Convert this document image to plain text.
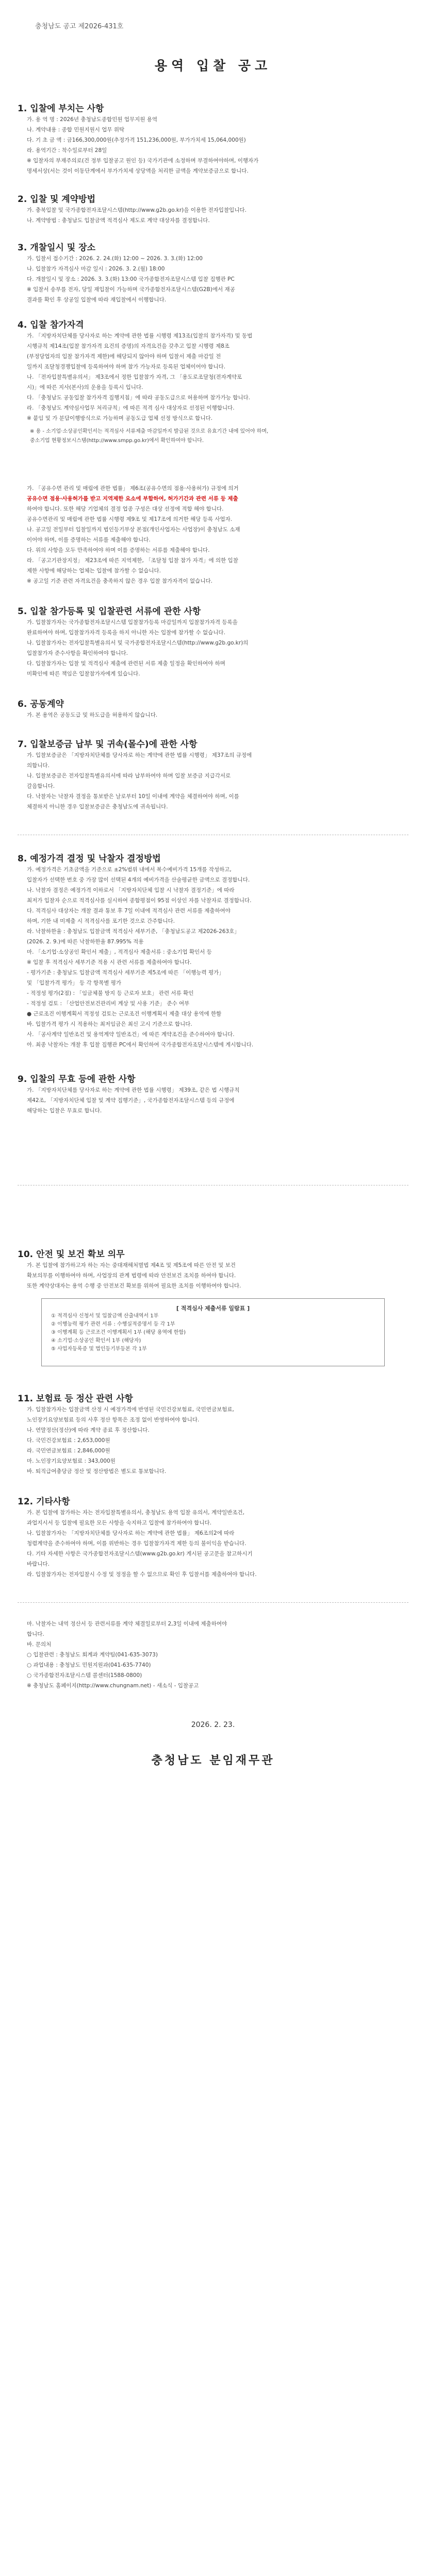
충청남도 공고 제2026-431호
용역 입찰 공고
1. 입찰에 부치는 사항
가. 용 역 명 : 2026년 충청남도종합민원 업무지원 용역
나. 계약내용 : 종합 민원지원시 업무 위탁
다. 기 초 금 액 : 금166,300,000원(추정가격 151,236,000원, 부가가치세 15,064,000원)
라. 용역기간 : 착수일로부터 28일
※ 입찰자의 부재주의로(건 정부 입찰공고 원인 등) 국가기관에 소정하며 부결하여야하며, 이행자가
명세서상(서는 것이 이동단계에서 부가가치세 상당액을 처리한 금액을 계약보증금으로 합니다.
2. 입찰 및 계약방법
가. 충북입찰 및 국가종합전자조달시스템(http://www.g2b.go.kr)을 이용한 전자입찰입니다.
나. 계약방법 : 충청남도 입찰금액 적격심사 제도로 계약 대상자를 결정합니다.
3. 개찰일시 및 장소
가. 입찰서 접수기간 : 2026. 2. 24.(화) 12:00 ~ 2026. 3. 3.(화) 12:00
나. 입찰참가 자격심사 마감 일시 : 2026. 3. 2.(월) 18:00
다. 개찰일시 및 장소 : 2026. 3. 3.(화) 13:00 국가종합전자조달시스템 입찰 집행관 PC
※ 입찰서 송부를 전자, 당일 재입찰이 가능하며 국가종합전자조달시스템(G2B)에서 재공
결과를 확인 후 상공일 입찰에 따라 재입찰에서 이행합니다.
4. 입찰 참가자격
가. 「지방자치단체를 당사자로 하는 계약에 관한 법률 시행령 제13조(입찰의 참가자격) 및 동법
시행규칙 제14조(입찰 참가자격 요건의 증명)의 자격요건을 갖추고 입찰 시행령 제8조
(부정당업자의 입찰 참가자격 제한)에 해당되지 않아야 하며 입찰서 제출 마감일 전
일까지 조달청경쟁입찰에 등록하여야 하며 참가 가능자로 등록된 업체이어야 합니다.
나. 「전자입찰특별유의서」 제3조에서 정한 입찰참가 자격, 그 「용도로조달청(전자계약포
시)」에 따른 지사(본사)의 운용을 등록시 입니다.
다. 「충청남도 공동입찰 참가자격 집행지침」에 따라 공동도급으로 허용하며 참가가능 합니다.
라. 「충청남도 계약심사업무 처리규칙」에 따른 적격 심사 대상자로 선정된 이행합니다.
※ 붙임 및 가 분담이행방식으로 가능하며 공동도급 업체 선정 방식으로 합니다.
※ 용 - 소기업·소상공인확인서는 적격심사 서류제출 마감일까지 발급된 것으로 유효기간 내에 있어야 하며,
중소기업 현황정보시스템(http://www.smpp.go.kr)에서 확인하여야 합니다.
가. 「공유수면 관리 및 매립에 관한 법률」 제6조(공유수면의 점용·사용허가) 규정에 의거
공유수면 점용·사용허가를 받고 지역제한 요소에 부합하여, 허가기간과 관련 서류 등 제출
하여야 합니다. 또한 해당 기업체의 결정 업종 구성은 대상 선정에 적합 해야 합니다.
공유수면관리 및 매립에 관한 법률 시행령 제9조 및 제17조에 의거한 해당 등록 사업자.
나. 공고일 전일부터 입찰일까지 법인등기부상 본점(개인사업자는 사업장)이 충청남도 소재
이어야 하며, 이를 증명하는 서류를 제출해야 합니다.
다. 위의 사항을 모두 만족하여야 하며 이를 증명하는 서류를 제출해야 합니다.
라. 「공고기관장지정」 제23조에 따른 지역제한, 「조달청 입찰 참가 자격」에 의한 입찰
제한 사항에 해당하는 업체는 입찰에 참가할 수 없습니다.
※ 공고일 기준 관련 자격요건을 충족하지 않은 경우 입찰 참가자격이 없습니다.
5. 입찰 참가등록 및 입찰관련 서류에 관한 사항
가. 입찰참가자는 국가종합전자조달시스템 입찰참가등록 마감일까지 입찰참가자격 등록을
완료하여야 하며, 입찰참가자격 등록을 하지 아니한 자는 입찰에 참가할 수 없습니다.
나. 입찰참가자는 전자입찰특별유의서 및 국가종합전자조달시스템(http://www.g2b.go.kr)의
입찰참가자 준수사항을 확인하여야 합니다.
다. 입찰참가자는 입찰 및 적격심사 제출에 관련된 서류 제출 일정을 확인하여야 하며
미확인에 따른 책임은 입찰참가자에게 있습니다.
6. 공동계약
가. 본 용역은 공동도급 및 하도급을 허용하지 않습니다.
7. 입찰보증금 납부 및 귀속(몰수)에 관한 사항
가. 입찰보증금은 「지방자치단체를 당사자로 하는 계약에 관한 법률 시행령」 제37조의 규정에
의합니다.
나. 입찰보증금은 전자입찰특별유의서에 따라 납부하여야 하며 입찰 보증금 지급각서로
갈음합니다.
다. 낙찰자는 낙찰자 결정을 통보받은 날로부터 10일 이내에 계약을 체결하여야 하며, 이를
체결하지 아니한 경우 입찰보증금은 충청남도에 귀속됩니다.
8. 예정가격 결정 및 낙찰자 결정방법
가. 예정가격은 기초금액을 기준으로 ±2%범위 내에서 복수예비가격 15개를 작성하고,
입찰자가 선택한 번호 중 가장 많이 선택된 4개의 예비가격을 산술평균한 금액으로 결정합니다.
나. 낙찰자 결정은 예정가격 이하로서 「지방자치단체 입찰 시 낙찰자 결정기준」에 따라
최저가 입찰자 순으로 적격심사를 실시하여 종합평점이 95점 이상인 자를 낙찰자로 결정합니다.
다. 적격심사 대상자는 개찰 결과 통보 후 7일 이내에 적격심사 관련 서류를 제출하여야
하며, 기한 내 미제출 시 적격심사를 포기한 것으로 간주합니다.
라. 낙찰하한율 : 충청남도 입찰금액 적격심사 세부기준, 「충청남도공고 제2026-263호」
(2026. 2. 9.)에 따른 낙찰하한율 87.995% 적용
마. 「소기업·소상공인 확인서 제출」, 적격심사 제출서류 : 중소기업 확인서 등
※ 입찰 후 적격심사 세부기준 적용 시 관련 서류를 제출하여야 합니다.
- 평가기준 : 충청남도 입찰금액 적격심사 세부기준 제5조에 따른 「이행능력 평가」
및 「입찰가격 평가」 등 각 항목별 평가
- 적정성 평가(2점) : 「임금체불 방지 등 근로자 보호」 관련 서류 확인
- 적정성 검토 : 「산업안전보건관리비 계상 및 사용 기준」 준수 여부
● 근로조건 이행계획서 적정성 검토는 근로조건 이행계획서 제출 대상 용역에 한함
바. 입찰가격 평가 시 적용하는 최저임금은 최신 고시 기준으로 합니다.
사. 「공사계약 일반조건 및 용역계약 일반조건」에 따른 계약조건을 준수하여야 합니다.
아. 최종 낙찰자는 개찰 후 입찰 집행관 PC에서 확인하여 국가종합전자조달시스템에 게시합니다.
9. 입찰의 무효 등에 관한 사항
가. 「지방자치단체를 당사자로 하는 계약에 관한 법률 시행령」 제39조, 같은 법 시행규칙
제42조, 「지방자치단체 입찰 및 계약 집행기준」, 국가종합전자조달시스템 등의 규정에
해당하는 입찰은 무효로 합니다.
10. 안전 및 보건 확보 의무
가. 본 입찰에 참가하고자 하는 자는 중대재해처벌법 제4조 및 제5조에 따른 안전 및 보건
확보의무를 이행하여야 하며, 사업장의 관계 법령에 따라 안전보건 조치를 하여야 합니다.
또한 계약상대자는 용역 수행 중 안전보건 확보를 위하여 필요한 조치를 이행하여야 합니다.
[ 적격심사 제출서류 일람표 ]
① 적격심사 신청서 및 입찰금액 산출내역서 1부
② 이행능력 평가 관련 서류 : 수행실적증명서 등 각 1부
③ 이행계획 등 근로조건 이행계획서 1부 (해당 용역에 한함)
④ 소기업·소상공인 확인서 1부 (해당자)
⑤ 사업자등록증 및 법인등기부등본 각 1부
11. 보험료 등 정산 관련 사항
가. 입찰참가자는 입찰금액 산정 시 예정가격에 반영된 국민건강보험료, 국민연금보험료,
노인장기요양보험료 등의 사후 정산 항목은 조정 없이 반영하여야 합니다.
나. 연말정산(정산)에 따라 계약 종료 후 정산합니다.
다. 국민건강보험료 : 2,653,000원
라. 국민연금보험료 : 2,846,000원
마. 노인장기요양보험료 : 343,000원
바. 퇴직급여충당금 정산 및 정산방법은 별도로 통보합니다.
12. 기타사항
가. 본 입찰에 참가하는 자는 전자입찰특별유의서, 충청남도 용역 입찰 유의서, 계약일반조건,
과업지시서 등 입찰에 필요한 모든 사항을 숙지하고 입찰에 참가하여야 합니다.
나. 입찰참가자는 「지방자치단체를 당사자로 하는 계약에 관한 법률」 제6조의2에 따라
청렴계약을 준수하여야 하며, 이를 위반하는 경우 입찰참가자격 제한 등의 불이익을 받습니다.
다. 기타 자세한 사항은 국가종합전자조달시스템(www.g2b.go.kr) 게시된 공고문을 참고하시기
바랍니다.
라. 입찰참가자는 전자입찰시 수정 및 정정을 할 수 없으므로 확인 후 입찰서를 제출하여야 합니다.
마. 낙찰자는 내역 정산서 등 관련서류를 계약 체결일로부터 2,3일 이내에 제출하여야
합니다.
바. 문의처
○ 입찰관련 : 충청남도 회계과 계약팀(041-635-3073)
○ 과업내용 : 충청남도 민원지원과(041-635-7740)
○ 국가종합전자조달시스템 콜센터(1588-0800)
※ 충청남도 홈페이지(http://www.chungnam.net) - 새소식 - 입찰공고
2026. 2. 23.
충청남도 분임재무관
